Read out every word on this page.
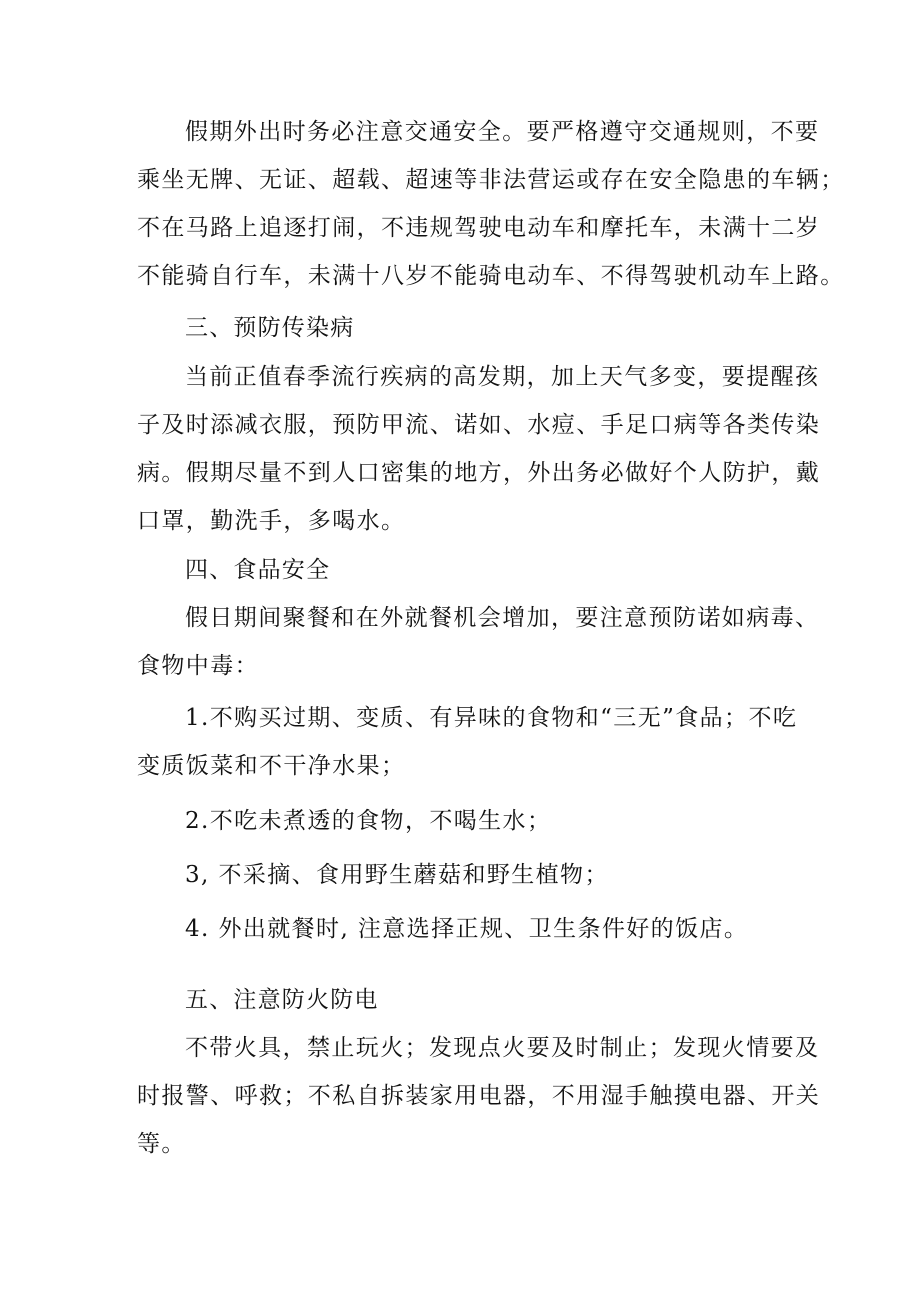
假期外出时务必注意交通安全。要严格遵守交通规则，不要
乘坐无牌、无证、超载、超速等非法营运或存在安全隐患的车辆；
不在马路上追逐打闹，不违规驾驶电动车和摩托车，未满十二岁
不能骑自行车，未满十八岁不能骑电动车、不得驾驶机动车上路。
三、预防传染病
当前正值春季流行疾病的高发期，加上天气多变，要提醒孩
子及时添减衣服，预防甲流、诺如、水痘、手足口病等各类传染
病。假期尽量不到人口密集的地方，外出务必做好个人防护，戴
口罩，勤洗手，多喝水。
四、食品安全
假日期间聚餐和在外就餐机会增加，要注意预防诺如病毒、
食物中毒：
1.不购买过期、变质、有异味的食物和“三无”食品；不吃
变质饭菜和不干净水果；
2.不吃未煮透的食物，不喝生水；
3, 不采摘、食用野生蘑菇和野生植物；
4. 外出就餐时, 注意选择正规、卫生条件好的饭店。
五、注意防火防电
不带火具，禁止玩火；发现点火要及时制止；发现火情要及
时报警、呼救；不私自拆装家用电器，不用湿手触摸电器、开关
等。
